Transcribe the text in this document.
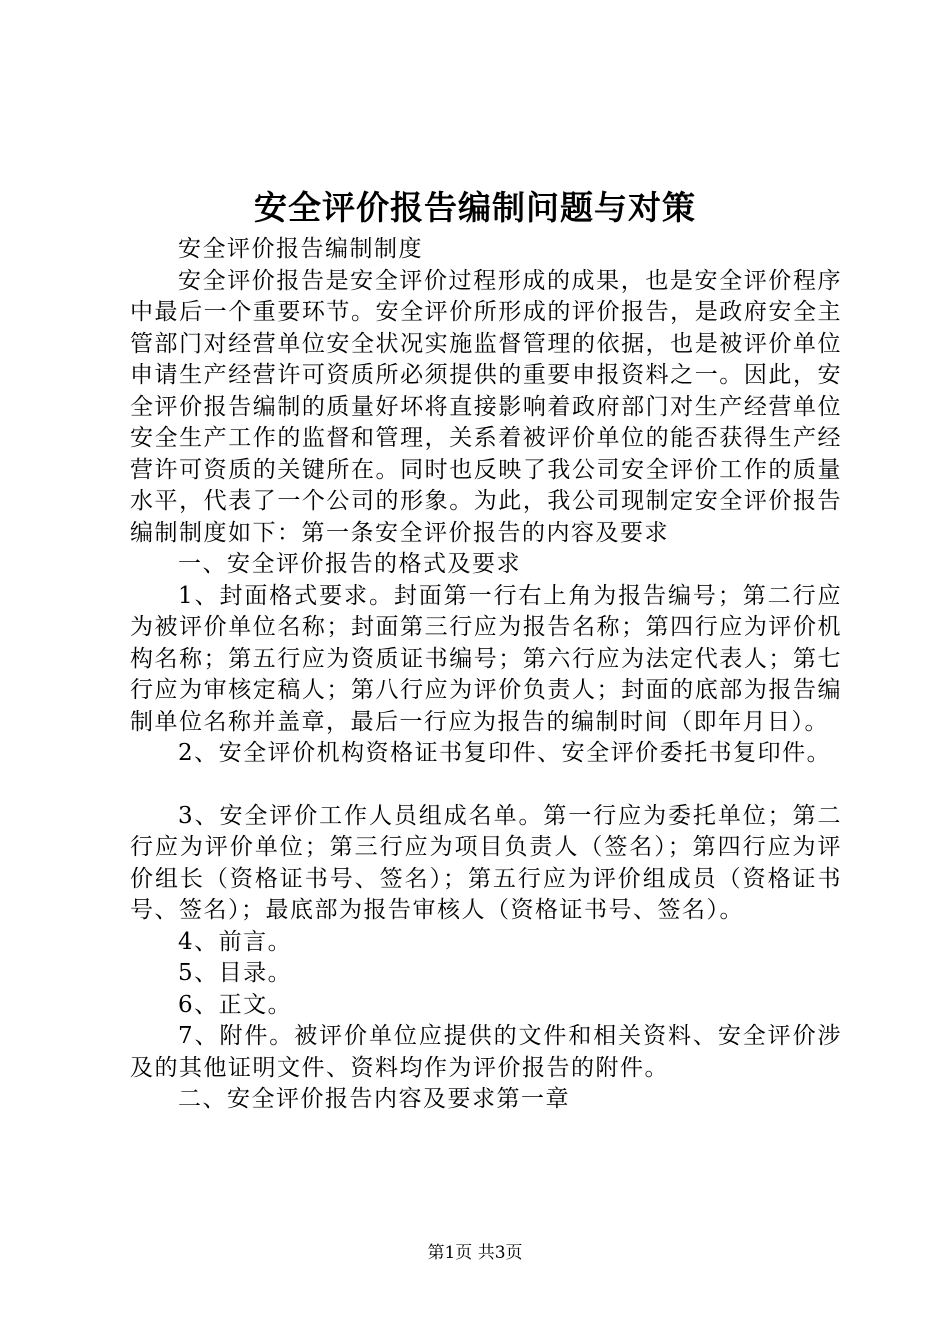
安全评价报告编制问题与对策

安全评价报告编制制度

安全评价报告是安全评价过程形成的成果，也是安全评价程序中最后一个重要环节。安全评价所形成的评价报告，是政府安全主管部门对经营单位安全状况实施监督管理的依据，也是被评价单位申请生产经营许可资质所必须提供的重要申报资料之一。因此，安全评价报告编制的质量好坏将直接影响着政府部门对生产经营单位安全生产工作的监督和管理，关系着被评价单位的能否获得生产经营许可资质的关键所在。同时也反映了我公司安全评价工作的质量水平，代表了一个公司的形象。为此，我公司现制定安全评价报告编制制度如下：第一条安全评价报告的内容及要求

一、安全评价报告的格式及要求

1、封面格式要求。封面第一行右上角为报告编号；第二行应为被评价单位名称；封面第三行应为报告名称；第四行应为评价机构名称；第五行应为资质证书编号；第六行应为法定代表人；第七行应为审核定稿人；第八行应为评价负责人；封面的底部为报告编制单位名称并盖章，最后一行应为报告的编制时间（即年月日）。

2、安全评价机构资格证书复印件、安全评价委托书复印件。

3、安全评价工作人员组成名单。第一行应为委托单位；第二行应为评价单位；第三行应为项目负责人（签名）；第四行应为评价组长（资格证书号、签名）；第五行应为评价组成员（资格证书号、签名）；最底部为报告审核人（资格证书号、签名）。

4、前言。

5、目录。

6、正文。

7、附件。被评价单位应提供的文件和相关资料、安全评价涉及的其他证明文件、资料均作为评价报告的附件。

二、安全评价报告内容及要求第一章

第1页 共3页
